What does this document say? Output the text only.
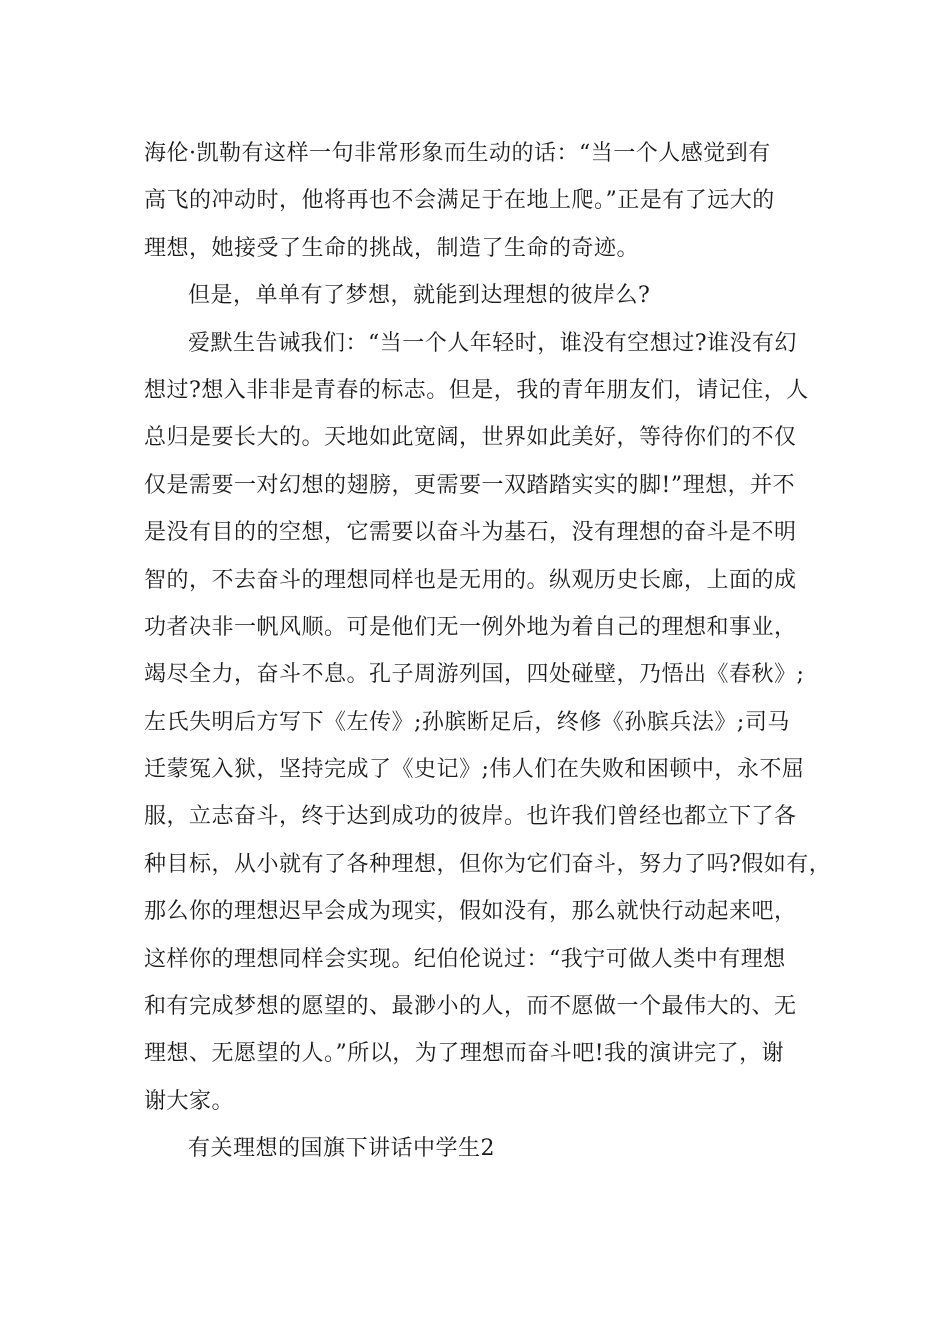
海伦·凯勒有这样一句非常形象而生动的话：“当一个人感觉到有
高飞的冲动时，他将再也不会满足于在地上爬。”正是有了远大的
理想，她接受了生命的挑战，制造了生命的奇迹。

但是，单单有了梦想，就能到达理想的彼岸么?

爱默生告诫我们：“当一个人年轻时，谁没有空想过?谁没有幻
想过?想入非非是青春的标志。但是，我的青年朋友们，请记住，人
总归是要长大的。天地如此宽阔，世界如此美好，等待你们的不仅
仅是需要一对幻想的翅膀，更需要一双踏踏实实的脚!”理想，并不
是没有目的的空想，它需要以奋斗为基石，没有理想的奋斗是不明
智的，不去奋斗的理想同样也是无用的。纵观历史长廊，上面的成
功者决非一帆风顺。可是他们无一例外地为着自己的理想和事业，
竭尽全力，奋斗不息。孔子周游列国，四处碰壁，乃悟出《春秋》;
左氏失明后方写下《左传》;孙膑断足后，终修《孙膑兵法》;司马
迁蒙冤入狱，坚持完成了《史记》;伟人们在失败和困顿中，永不屈
服，立志奋斗，终于达到成功的彼岸。也许我们曾经也都立下了各
种目标，从小就有了各种理想，但你为它们奋斗，努力了吗?假如有，
那么你的理想迟早会成为现实，假如没有，那么就快行动起来吧，
这样你的理想同样会实现。纪伯伦说过：“我宁可做人类中有理想
和有完成梦想的愿望的、最渺小的人，而不愿做一个最伟大的、无
理想、无愿望的人。”所以，为了理想而奋斗吧!我的演讲完了，谢
谢大家。

有关理想的国旗下讲话中学生2
